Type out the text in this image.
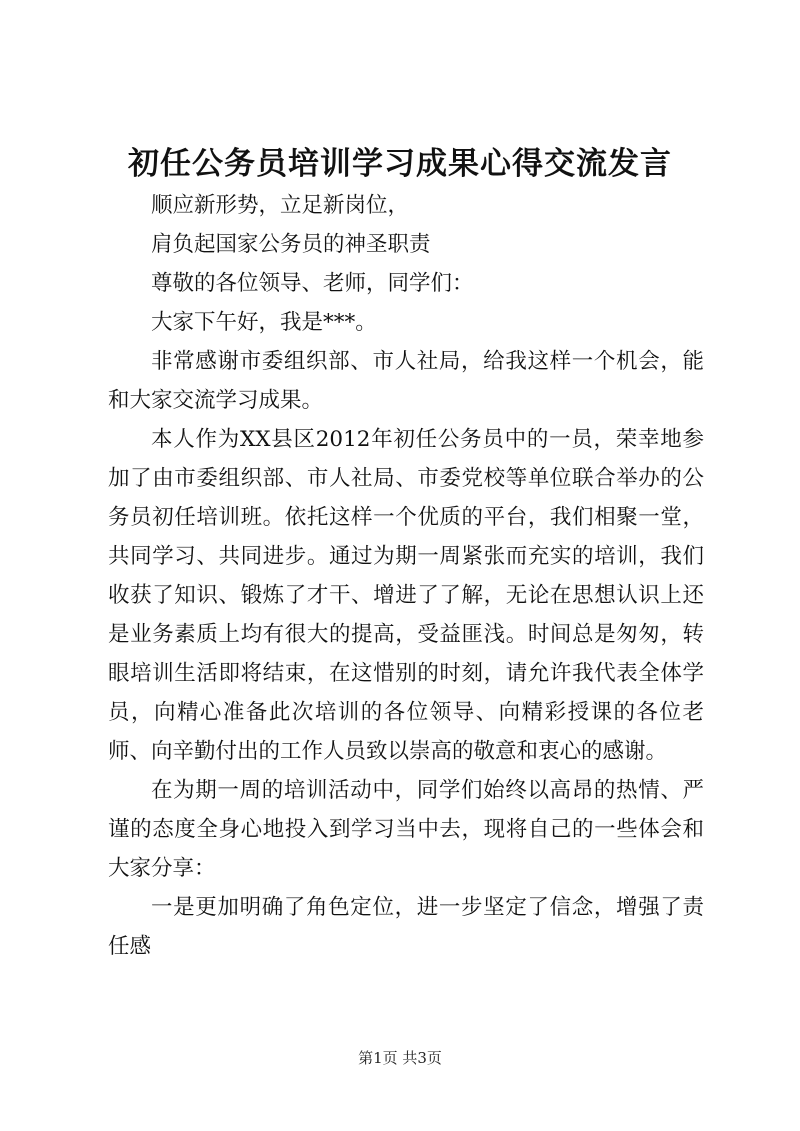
初任公务员培训学习成果心得交流发言

顺应新形势，立足新岗位，

肩负起国家公务员的神圣职责

尊敬的各位领导、老师，同学们：

大家下午好，我是***。

非常感谢市委组织部、市人社局，给我这样一个机会，能和大家交流学习成果。

本人作为XX县区2012年初任公务员中的一员，荣幸地参加了由市委组织部、市人社局、市委党校等单位联合举办的公务员初任培训班。依托这样一个优质的平台，我们相聚一堂，共同学习、共同进步。通过为期一周紧张而充实的培训，我们收获了知识、锻炼了才干、增进了了解，无论在思想认识上还是业务素质上均有很大的提高，受益匪浅。时间总是匆匆，转眼培训生活即将结束，在这惜别的时刻，请允许我代表全体学员，向精心准备此次培训的各位领导、向精彩授课的各位老师、向辛勤付出的工作人员致以崇高的敬意和衷心的感谢。

在为期一周的培训活动中，同学们始终以高昂的热情、严谨的态度全身心地投入到学习当中去，现将自己的一些体会和大家分享：

一是更加明确了角色定位，进一步坚定了信念，增强了责任感

第1页 共3页
